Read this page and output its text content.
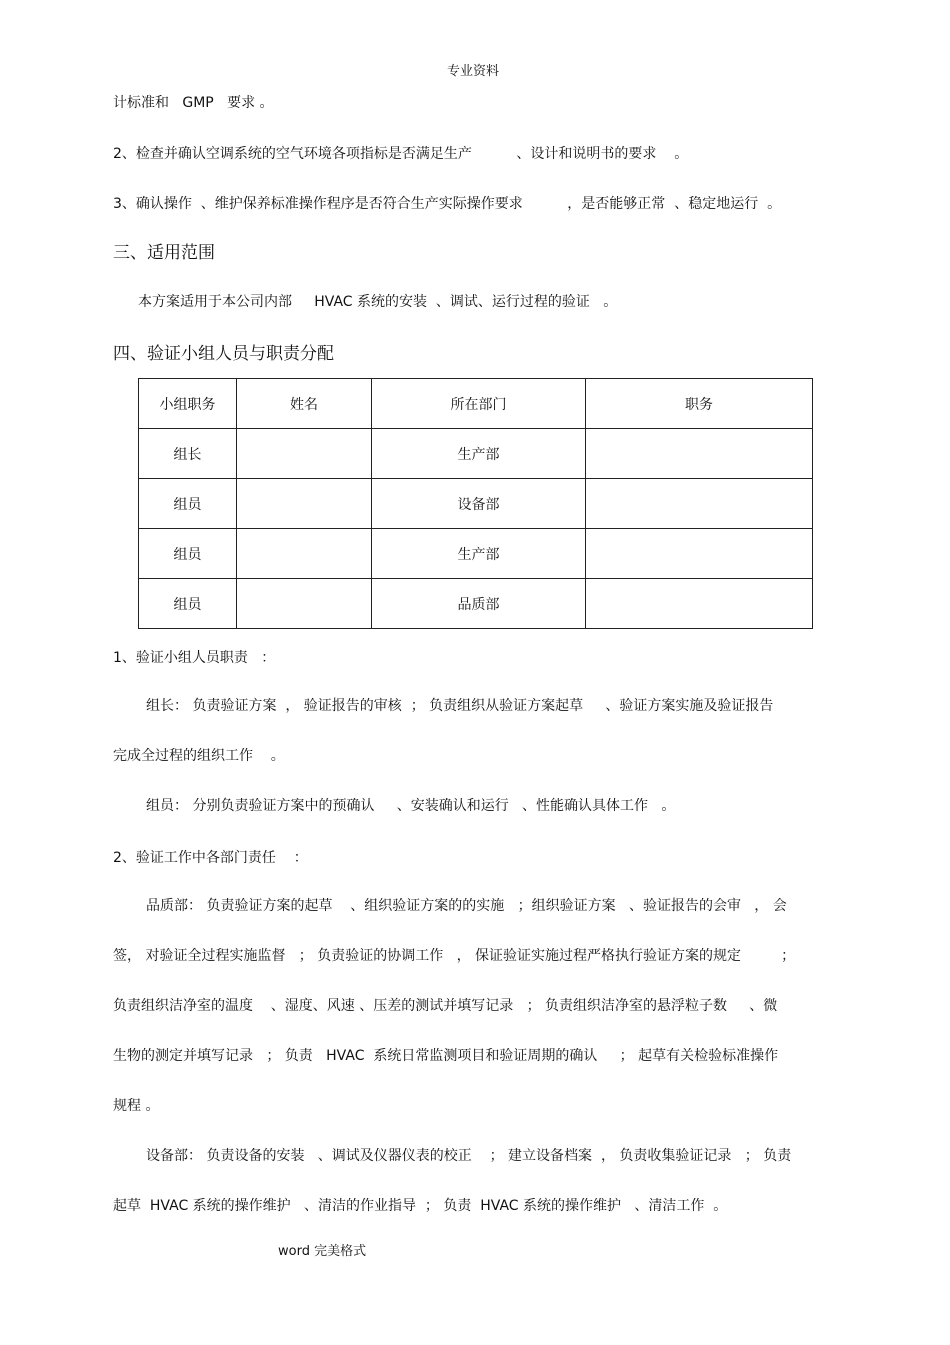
专业资料
计标准和   GMP   要求 。
2、检查并确认空调系统的空气环境各项指标是否满足生产          、设计和说明书的要求    。
3、确认操作  、维护保养标准操作程序是否符合生产实际操作要求          ，是否能够正常  、稳定地运行  。
三、适用范围
本方案适用于本公司内部     HVAC 系统的安装  、调试、运行过程的验证   。
四、验证小组人员与职责分配
小组职务	姓名	所在部门	职务
组长		生产部	
组员		设备部	
组员		生产部	
组员		品质部	
1、验证小组人员职责   ：
组长： 负责验证方案  ， 验证报告的审核  ； 负责组织从验证方案起草     、验证方案实施及验证报告
完成全过程的组织工作    。
组员： 分别负责验证方案中的预确认     、安装确认和运行   、性能确认具体工作   。
2、验证工作中各部门责任    ：
品质部： 负责验证方案的起草    、组织验证方案的的实施   ；组织验证方案   、验证报告的会审   ， 会
签， 对验证全过程实施监督   ； 负责验证的协调工作   ， 保证验证实施过程严格执行验证方案的规定         ；
负责组织洁净室的温度    、湿度、风速 、压差的测试并填写记录   ； 负责组织洁净室的悬浮粒子数     、微
生物的测定并填写记录   ； 负责   HVAC  系统日常监测项目和验证周期的确认     ； 起草有关检验标准操作
规程 。
设备部： 负责设备的安装   、调试及仪器仪表的校正    ； 建立设备档案  ， 负责收集验证记录   ； 负责
起草  HVAC 系统的操作维护   、清洁的作业指导  ； 负责  HVAC 系统的操作维护   、清洁工作  。
word 完美格式
